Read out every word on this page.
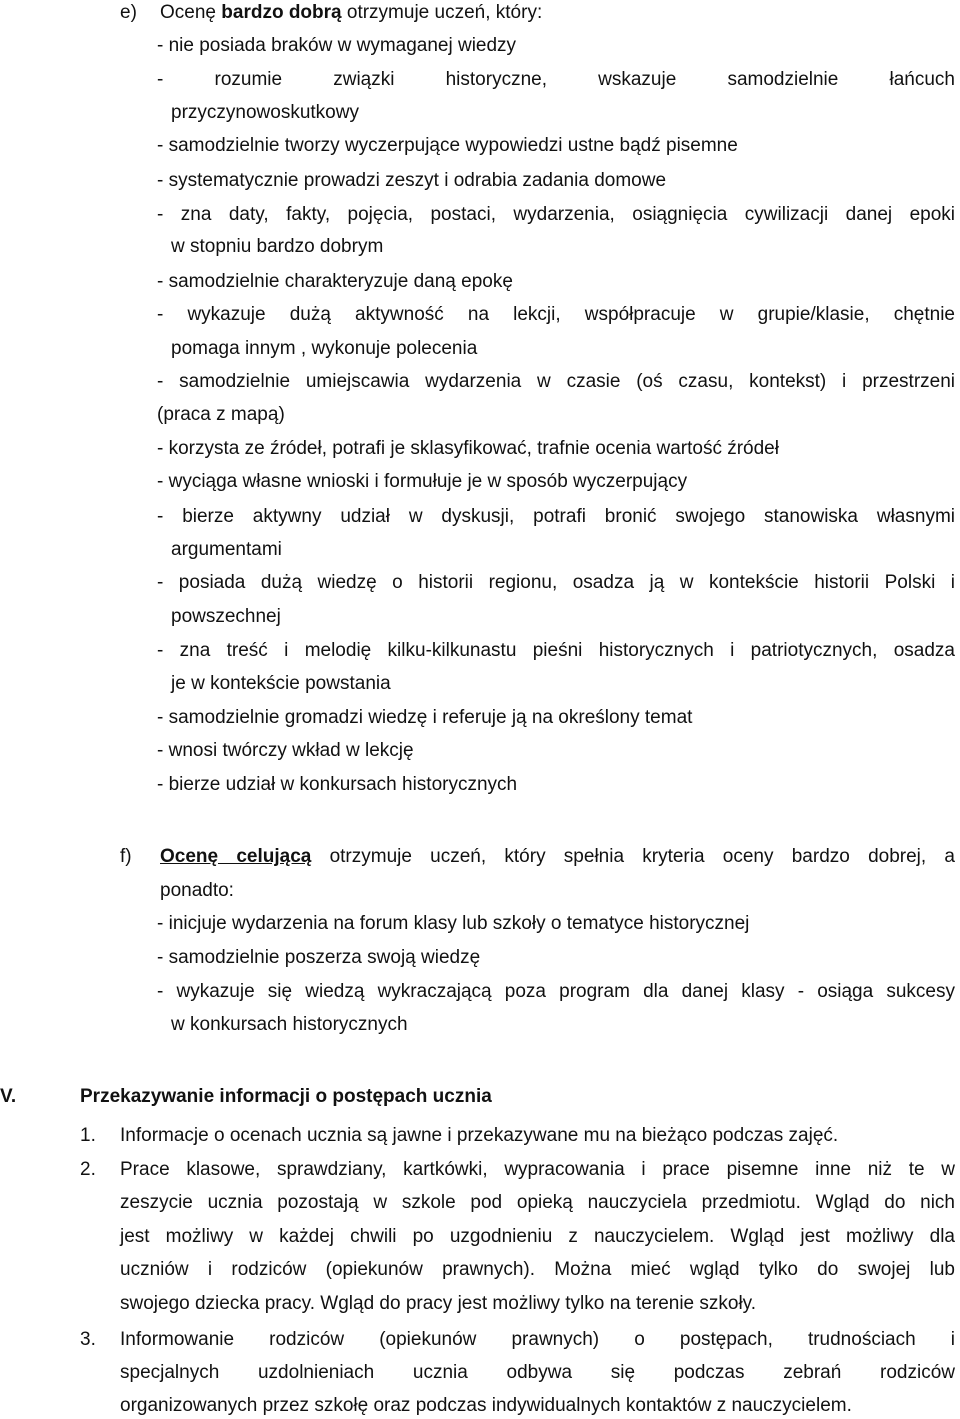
e) Ocenę bardzo dobrą otrzymuje uczeń, który:
- nie posiada braków w wymaganej wiedzy
- rozumie związki historyczne, wskazuje samodzielnie łańcuch
przyczynowoskutkowy
- samodzielnie tworzy wyczerpujące wypowiedzi ustne bądź pisemne
- systematycznie prowadzi zeszyt i odrabia zadania domowe
- zna daty, fakty, pojęcia, postaci, wydarzenia, osiągnięcia cywilizacji danej epoki
w stopniu bardzo dobrym
- samodzielnie charakteryzuje daną epokę
- wykazuje dużą aktywność na lekcji, współpracuje w grupie/klasie, chętnie
pomaga innym , wykonuje polecenia
- samodzielnie umiejscawia wydarzenia w czasie (oś czasu, kontekst) i przestrzeni
(praca z mapą)
- korzysta ze źródeł, potrafi je sklasyfikować, trafnie ocenia wartość źródeł
- wyciąga własne wnioski i formułuje je w sposób wyczerpujący
- bierze aktywny udział w dyskusji, potrafi bronić swojego stanowiska własnymi
argumentami
- posiada dużą wiedzę o historii regionu, osadza ją w kontekście historii Polski i
powszechnej
- zna treść i melodię kilku-kilkunastu pieśni historycznych i patriotycznych, osadza
je w kontekście powstania
- samodzielnie gromadzi wiedzę i referuje ją na określony temat
- wnosi twórczy wkład w lekcję
- bierze udział w konkursach historycznych
f) Ocenę celującą otrzymuje uczeń, który spełnia kryteria oceny bardzo dobrej, a
ponadto:
- inicjuje wydarzenia na forum klasy lub szkoły o tematyce historycznej
- samodzielnie poszerza swoją wiedzę
- wykazuje się wiedzą wykraczającą poza program dla danej klasy - osiąga sukcesy
w konkursach historycznych
V.	Przekazywanie informacji o postępach ucznia
1. Informacje o ocenach ucznia są jawne i przekazywane mu na bieżąco podczas zajęć.
2. Prace klasowe, sprawdziany, kartkówki, wypracowania i prace pisemne inne niż te w
zeszycie ucznia pozostają w szkole pod opieką nauczyciela przedmiotu. Wgląd do nich
jest możliwy w każdej chwili po uzgodnieniu z nauczycielem. Wgląd jest możliwy dla
uczniów i rodziców (opiekunów prawnych). Można mieć wgląd tylko do swojej lub
swojego dziecka pracy. Wgląd do pracy jest możliwy tylko na terenie szkoły.
3. Informowanie rodziców (opiekunów prawnych) o postępach, trudnościach i
specjalnych uzdolnieniach ucznia odbywa się podczas zebrań rodziców
organizowanych przez szkołę oraz podczas indywidualnych kontaktów z nauczycielem.
